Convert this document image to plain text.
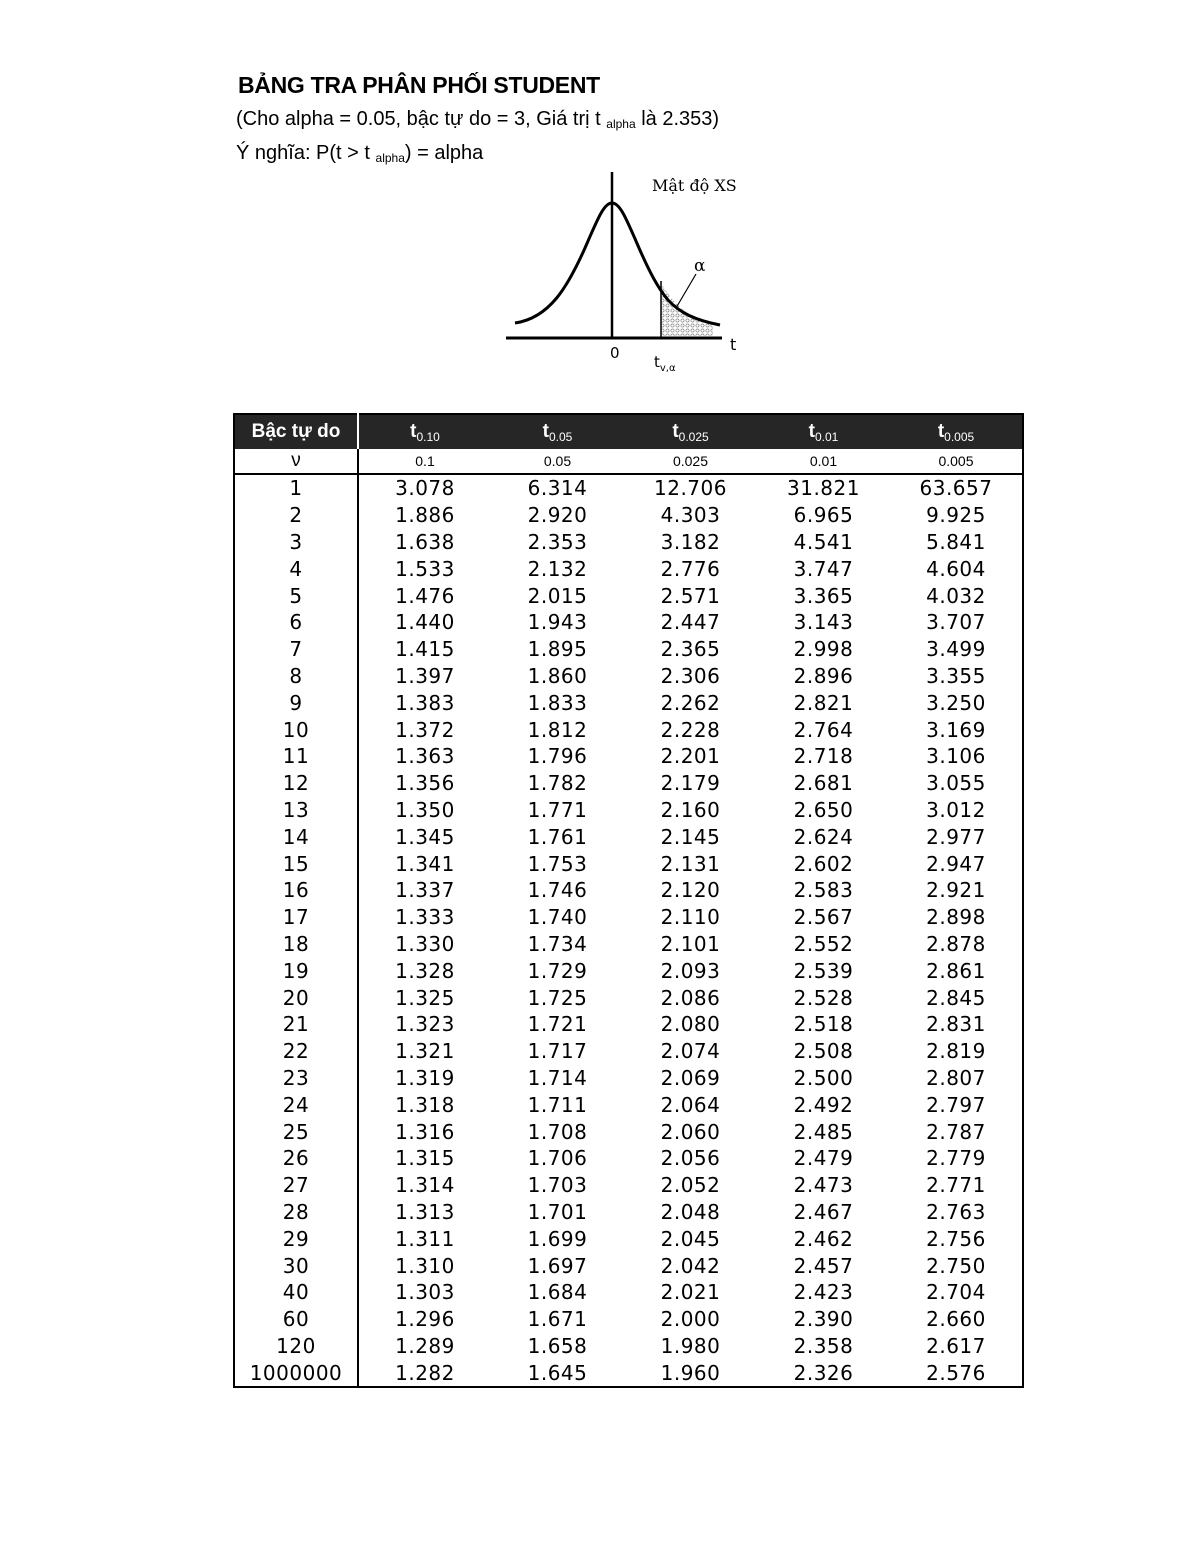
BẢNG TRA PHÂN PHỐI STUDENT
(Cho alpha = 0.05, bậc tự do = 3, Giá trị t $_{alpha}$ là 2.353)
Ý nghĩa: P(t > t $_{alpha}$) = alpha
Mật độ XS
α
t
0 $t_{v,\alpha}$
Bậc tự do	$t_{0.10}$	$t_{0.05}$	$t_{0.025}$	$t_{0.01}$	$t_{0.005}$
ν	0.1	0.05	0.025	0.01	0.005
1	3.078	6.314	12.706	31.821	63.657
2	1.886	2.920	4.303	6.965	9.925
3	1.638	2.353	3.182	4.541	5.841
4	1.533	2.132	2.776	3.747	4.604
5	1.476	2.015	2.571	3.365	4.032
6	1.440	1.943	2.447	3.143	3.707
7	1.415	1.895	2.365	2.998	3.499
8	1.397	1.860	2.306	2.896	3.355
9	1.383	1.833	2.262	2.821	3.250
10	1.372	1.812	2.228	2.764	3.169
11	1.363	1.796	2.201	2.718	3.106
12	1.356	1.782	2.179	2.681	3.055
13	1.350	1.771	2.160	2.650	3.012
14	1.345	1.761	2.145	2.624	2.977
15	1.341	1.753	2.131	2.602	2.947
16	1.337	1.746	2.120	2.583	2.921
17	1.333	1.740	2.110	2.567	2.898
18	1.330	1.734	2.101	2.552	2.878
19	1.328	1.729	2.093	2.539	2.861
20	1.325	1.725	2.086	2.528	2.845
21	1.323	1.721	2.080	2.518	2.831
22	1.321	1.717	2.074	2.508	2.819
23	1.319	1.714	2.069	2.500	2.807
24	1.318	1.711	2.064	2.492	2.797
25	1.316	1.708	2.060	2.485	2.787
26	1.315	1.706	2.056	2.479	2.779
27	1.314	1.703	2.052	2.473	2.771
28	1.313	1.701	2.048	2.467	2.763
29	1.311	1.699	2.045	2.462	2.756
30	1.310	1.697	2.042	2.457	2.750
40	1.303	1.684	2.021	2.423	2.704
60	1.296	1.671	2.000	2.390	2.660
120	1.289	1.658	1.980	2.358	2.617
1000000	1.282	1.645	1.960	2.326	2.576
